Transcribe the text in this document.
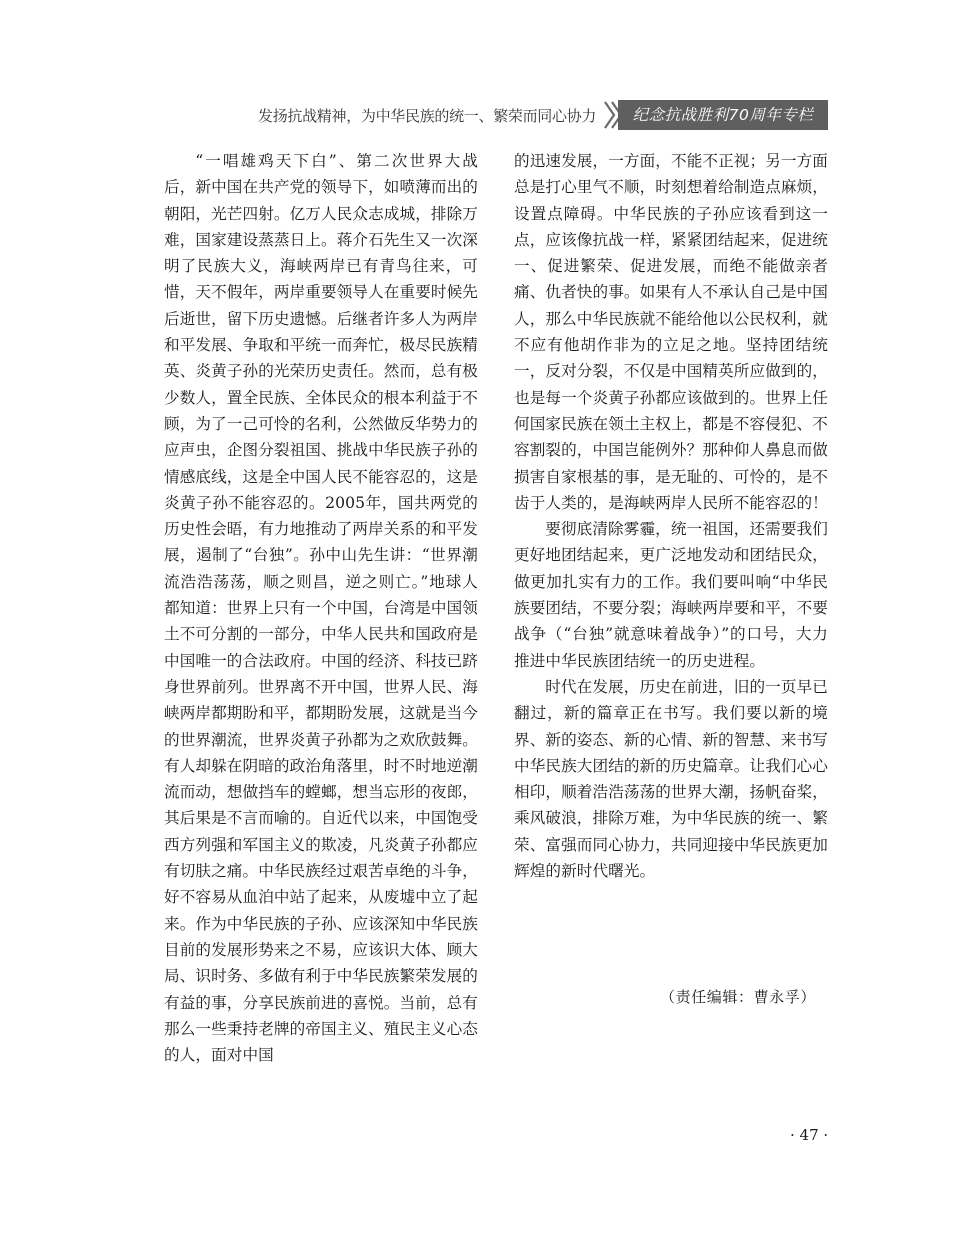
发扬抗战精神，为中华民族的统一、繁荣而同心协力	纪念抗战胜利70周年专栏

“一唱雄鸡天下白”、第二次世界大战后，新中国在共产党的领导下，如喷薄而出的朝阳，光芒四射。亿万人民众志成城，排除万难，国家建设蒸蒸日上。蒋介石先生又一次深明了民族大义，海峡两岸已有青鸟往来，可惜，天不假年，两岸重要领导人在重要时候先后逝世，留下历史遗憾。后继者许多人为两岸和平发展、争取和平统一而奔忙，极尽民族精英、炎黄子孙的光荣历史责任。然而，总有极少数人，置全民族、全体民众的根本利益于不顾，为了一己可怜的名利，公然做反华势力的应声虫，企图分裂祖国、挑战中华民族子孙的情感底线，这是全中国人民不能容忍的，这是炎黄子孙不能容忍的。2005年，国共两党的历史性会晤，有力地推动了两岸关系的和平发展，遏制了“台独”。孙中山先生讲：“世界潮流浩浩荡荡，顺之则昌，逆之则亡。”地球人都知道：世界上只有一个中国，台湾是中国领土不可分割的一部分，中华人民共和国政府是中国唯一的合法政府。中国的经济、科技已跻身世界前列。世界离不开中国，世界人民、海峡两岸都期盼和平，都期盼发展，这就是当今的世界潮流，世界炎黄子孙都为之欢欣鼓舞。有人却躲在阴暗的政治角落里，时不时地逆潮流而动，想做挡车的螳螂，想当忘形的夜郎，其后果是不言而喻的。自近代以来，中国饱受西方列强和军国主义的欺凌，凡炎黄子孙都应有切肤之痛。中华民族经过艰苦卓绝的斗争，好不容易从血泊中站了起来，从废墟中立了起来。作为中华民族的子孙、应该深知中华民族目前的发展形势来之不易，应该识大体、顾大局、识时务、多做有利于中华民族繁荣发展的有益的事，分享民族前进的喜悦。当前，总有那么一些秉持老牌的帝国主义、殖民主义心态的人，面对中国

的迅速发展，一方面，不能不正视；另一方面总是打心里气不顺，时刻想着给制造点麻烦，设置点障碍。中华民族的子孙应该看到这一点，应该像抗战一样，紧紧团结起来，促进统一、促进繁荣、促进发展，而绝不能做亲者痛、仇者快的事。如果有人不承认自己是中国人，那么中华民族就不能给他以公民权利，就不应有他胡作非为的立足之地。坚持团结统一，反对分裂，不仅是中国精英所应做到的，也是每一个炎黄子孙都应该做到的。世界上任何国家民族在领土主权上，都是不容侵犯、不容割裂的，中国岂能例外？那种仰人鼻息而做损害自家根基的事，是无耻的、可怜的，是不齿于人类的，是海峡两岸人民所不能容忍的！

要彻底清除雾霾，统一祖国，还需要我们更好地团结起来，更广泛地发动和团结民众，做更加扎实有力的工作。我们要叫响“中华民族要团结，不要分裂；海峡两岸要和平，不要战争（“台独”就意味着战争）”的口号，大力推进中华民族团结统一的历史进程。

时代在发展，历史在前进，旧的一页早已翻过，新的篇章正在书写。我们要以新的境界、新的姿态、新的心情、新的智慧、来书写中华民族大团结的新的历史篇章。让我们心心相印，顺着浩浩荡荡的世界大潮，扬帆奋桨，乘风破浪，排除万难，为中华民族的统一、繁荣、富强而同心协力，共同迎接中华民族更加辉煌的新时代曙光。

（责任编辑：曹永孚）
· 47 ·
